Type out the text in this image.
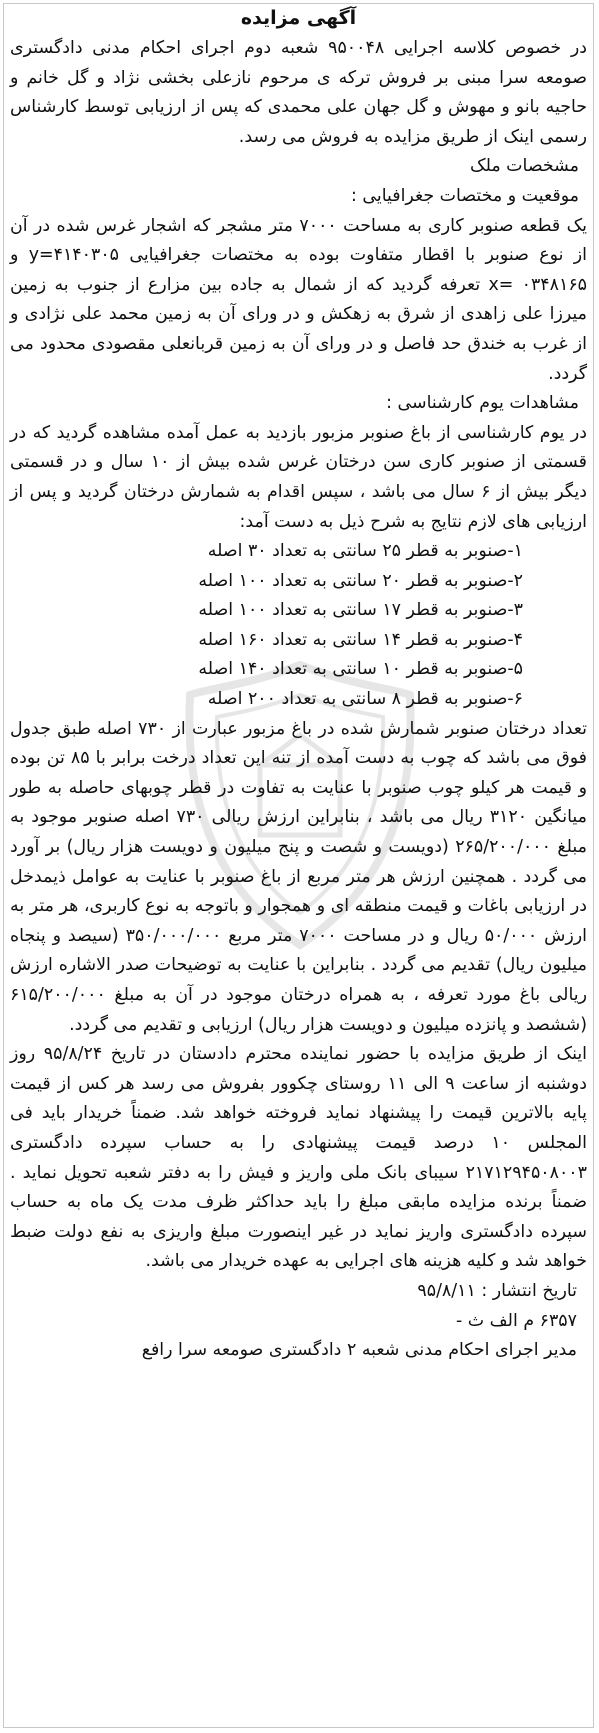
آگهی مزایده

در خصوص کلاسه اجرایی ۹۵۰۰۴۸ شعبه دوم اجرای احکام مدنی دادگستری صومعه سرا مبنی بر فروش ترکه ی مرحوم نازعلی بخشی نژاد و گل خانم و حاجیه بانو و مهوش و گل جهان علی محمدی که پس از ارزیابی توسط کارشناس رسمی اینک از طریق مزایده به فروش می رسد.

مشخصات ملک

موقعیت و مختصات جغرافیایی :

یک قطعه صنوبر کاری به مساحت ۷۰۰۰ متر مشجر که اشجار غرس شده در آن از نوع صنوبر با اقطار متفاوت بوده به مختصات جغرافیایی ۴۱۴۰۳۰۵=y و ۰۳۴۸۱۶۵ =x تعرفه گردید که از شمال به جاده بین مزارع از جنوب به زمین میرزا علی زاهدی از شرق به زهکش و در ورای آن به زمین محمد علی نژادی و از غرب به خندق حد فاصل و در ورای آن به زمین قربانعلی مقصودی محدود می گردد.

مشاهدات یوم کارشناسی :

در یوم کارشناسی از باغ صنوبر مزبور بازدید به عمل آمده مشاهده گردید که در قسمتی از صنوبر کاری سن درختان غرس شده بیش از ۱۰ سال و در قسمتی دیگر بیش از ۶ سال می باشد ، سپس اقدام به شمارش درختان گردید و پس از ارزیابی های لازم نتایج به شرح ذیل به دست آمد:

۱-صنوبر به قطر ۲۵ سانتی به تعداد ۳۰ اصله
۲-صنوبر به قطر ۲۰ سانتی به تعداد ۱۰۰ اصله
۳-صنوبر به قطر ۱۷ سانتی به تعداد ۱۰۰ اصله
۴-صنوبر به قطر ۱۴ سانتی به تعداد ۱۶۰ اصله
۵-صنوبر به قطر ۱۰ سانتی به تعداد ۱۴۰ اصله
۶-صنوبر به قطر ۸ سانتی به تعداد ۲۰۰ اصله

تعداد درختان صنوبر شمارش شده در باغ مزبور عبارت از ۷۳۰ اصله طبق جدول فوق می باشد که چوب به دست آمده از تنه این تعداد درخت برابر با ۸۵ تن بوده و قیمت هر کیلو چوب صنوبر با عنایت به تفاوت در قطر چوبهای حاصله به طور میانگین ۳۱۲۰ ریال می باشد ، بنابراین ارزش ریالی ۷۳۰ اصله صنوبر موجود به مبلغ ۲۶۵/۲۰۰/۰۰۰ (دویست و شصت و پنج میلیون و دویست هزار ریال) بر آورد می گردد . همچنین ارزش هر متر مربع از باغ صنوبر با عنایت به عوامل ذیمدخل در ارزیابی باغات و قیمت منطقه ای و همجوار و باتوجه به نوع کاربری، هر متر به ارزش ۵۰/۰۰۰ ریال و در مساحت ۷۰۰۰ متر مربع ۳۵۰/۰۰۰/۰۰۰ (سیصد و پنجاه میلیون ریال) تقدیم می گردد . بنابراین با عنایت به توضیحات صدر الاشاره ارزش ریالی باغ مورد تعرفه ، به همراه درختان موجود در آن به مبلغ ۶۱۵/۲۰۰/۰۰۰ (ششصد و پانزده میلیون و دویست هزار ریال) ارزیابی و تقدیم می گردد.

اینک از طریق مزایده با حضور نماینده محترم دادستان در تاریخ ۹۵/۸/۲۴ روز دوشنبه از ساعت ۹ الی ۱۱ روستای چکوور بفروش می رسد هر کس از قیمت پایه بالاترین قیمت را پیشنهاد نماید فروخته خواهد شد. ضمناً خریدار باید فی المجلس ۱۰ درصد قیمت پیشنهادی را به حساب سپرده دادگستری ۲۱۷۱۲۹۴۵۰۸۰۰۳ سیبای بانک ملی واریز و فیش را به دفتر شعبه تحویل نماید . ضمناً برنده مزایده مابقی مبلغ را باید حداکثر ظرف مدت یک ماه به حساب سپرده دادگستری واریز نماید در غیر اینصورت مبلغ واریزی به نفع دولت ضبط خواهد شد و کلیه هزینه های اجرایی به عهده خریدار می باشد.

تاریخ انتشار : ۹۵/۸/۱۱

۶۳۵۷ م الف ث -

مدیر اجرای احکام مدنی شعبه ۲ دادگستری صومعه سرا رافع
